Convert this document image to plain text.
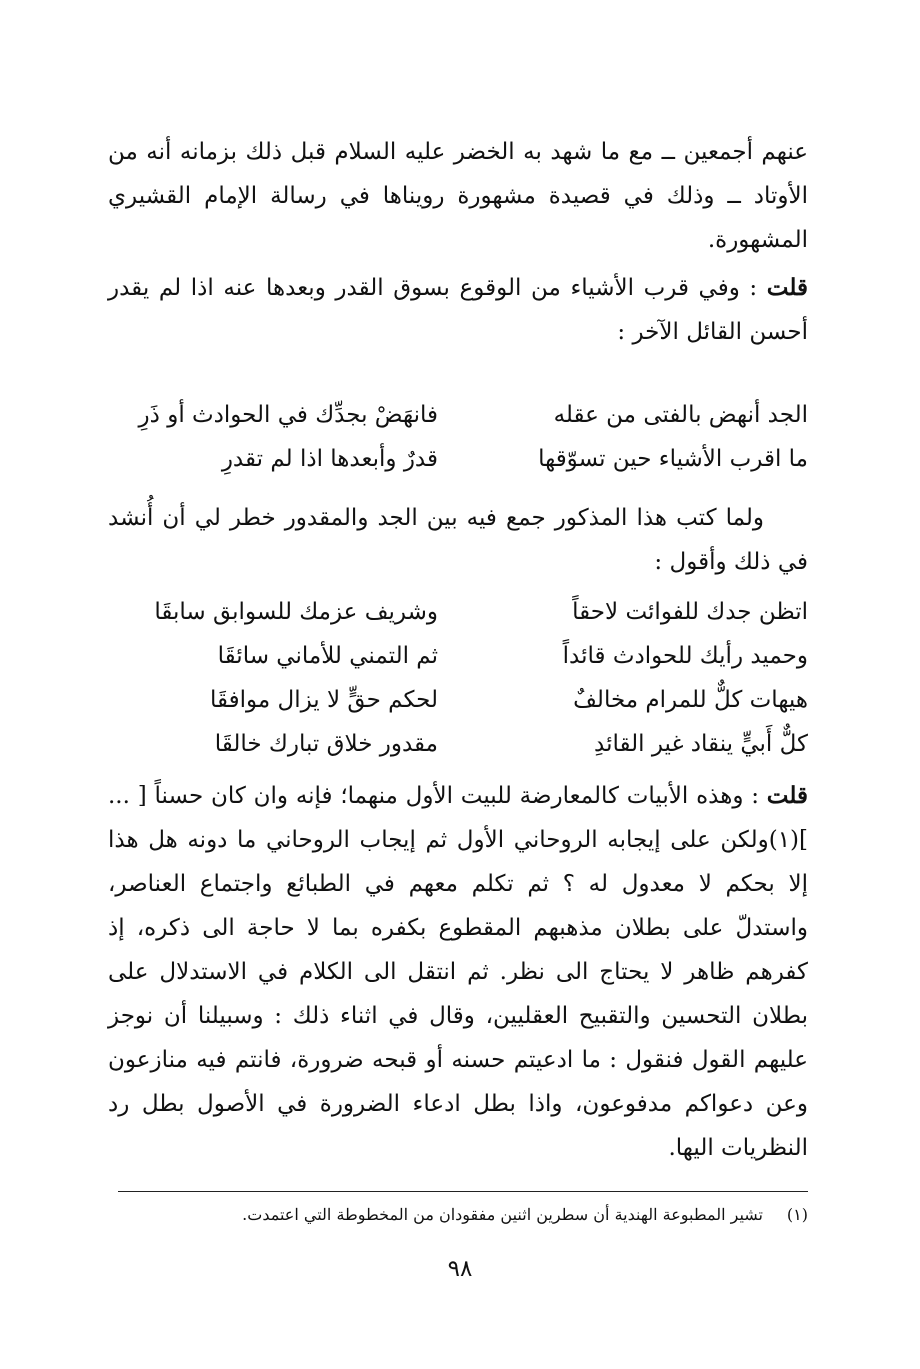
عنهم أجمعين ــ مع ما شهد به الخضر عليه السلام قبل ذلك بزمانه أنه من الأوتاد ــ وذلك في قصيدة مشهورة رويناها في رسالة الإمام القشيري المشهورة.

قلت : وفي قرب الأشياء من الوقوع بسوق القدر وبعدها عنه اذا لم يقدر أحسن القائل الآخر :

الجد أنهض بالفتى من عقله
فانهَضْ بجدِّك في الحوادث أو ذَرِ
ما اقرب الأشياء حين تسوّقها
قدرٌ وأبعدها اذا لم تقدرِ

ولما كتب هذا المذكور جمع فيه بين الجد والمقدور خطر لي أن أُنشد في ذلك وأقول :

اتظن جدك للفوائت لاحقاً
وشريف عزمك للسوابق سابقَا
وحميد رأيك للحوادث قائداً
ثم التمني للأماني سائقَا
هيهات كلٌّ للمرام مخالفٌ
لحكم حقٍّ لا يزال موافقَا
كلٌّ أَبيٍّ ينقاد غير القائدِ
مقدور خلاق تبارك خالقَا

قلت : وهذه الأبيات كالمعارضة للبيت الأول منهما؛ فإنه وان كان حسناً [ ... ](١)ولكن على إيجابه الروحاني الأول ثم إيجاب الروحاني ما دونه هل هذا إلا بحكم لا معدول له ؟ ثم تكلم معهم في الطبائع واجتماع العناصر، واستدلّ على بطلان مذهبهم المقطوع بكفره بما لا حاجة الى ذكره، إذ كفرهم ظاهر لا يحتاج الى نظر. ثم انتقل الى الكلام في الاستدلال على بطلان التحسين والتقبيح العقليين، وقال في اثناء ذلك : وسبيلنا أن نوجز عليهم القول فنقول : ما ادعيتم حسنه أو قبحه ضرورة، فانتم فيه منازعون وعن دعواكم مدفوعون، واذا بطل ادعاء الضرورة في الأصول بطل رد النظريات اليها.

(١)تشير المطبوعة الهندية أن سطرين اثنين مفقودان من المخطوطة التي اعتمدت.
٩٨
